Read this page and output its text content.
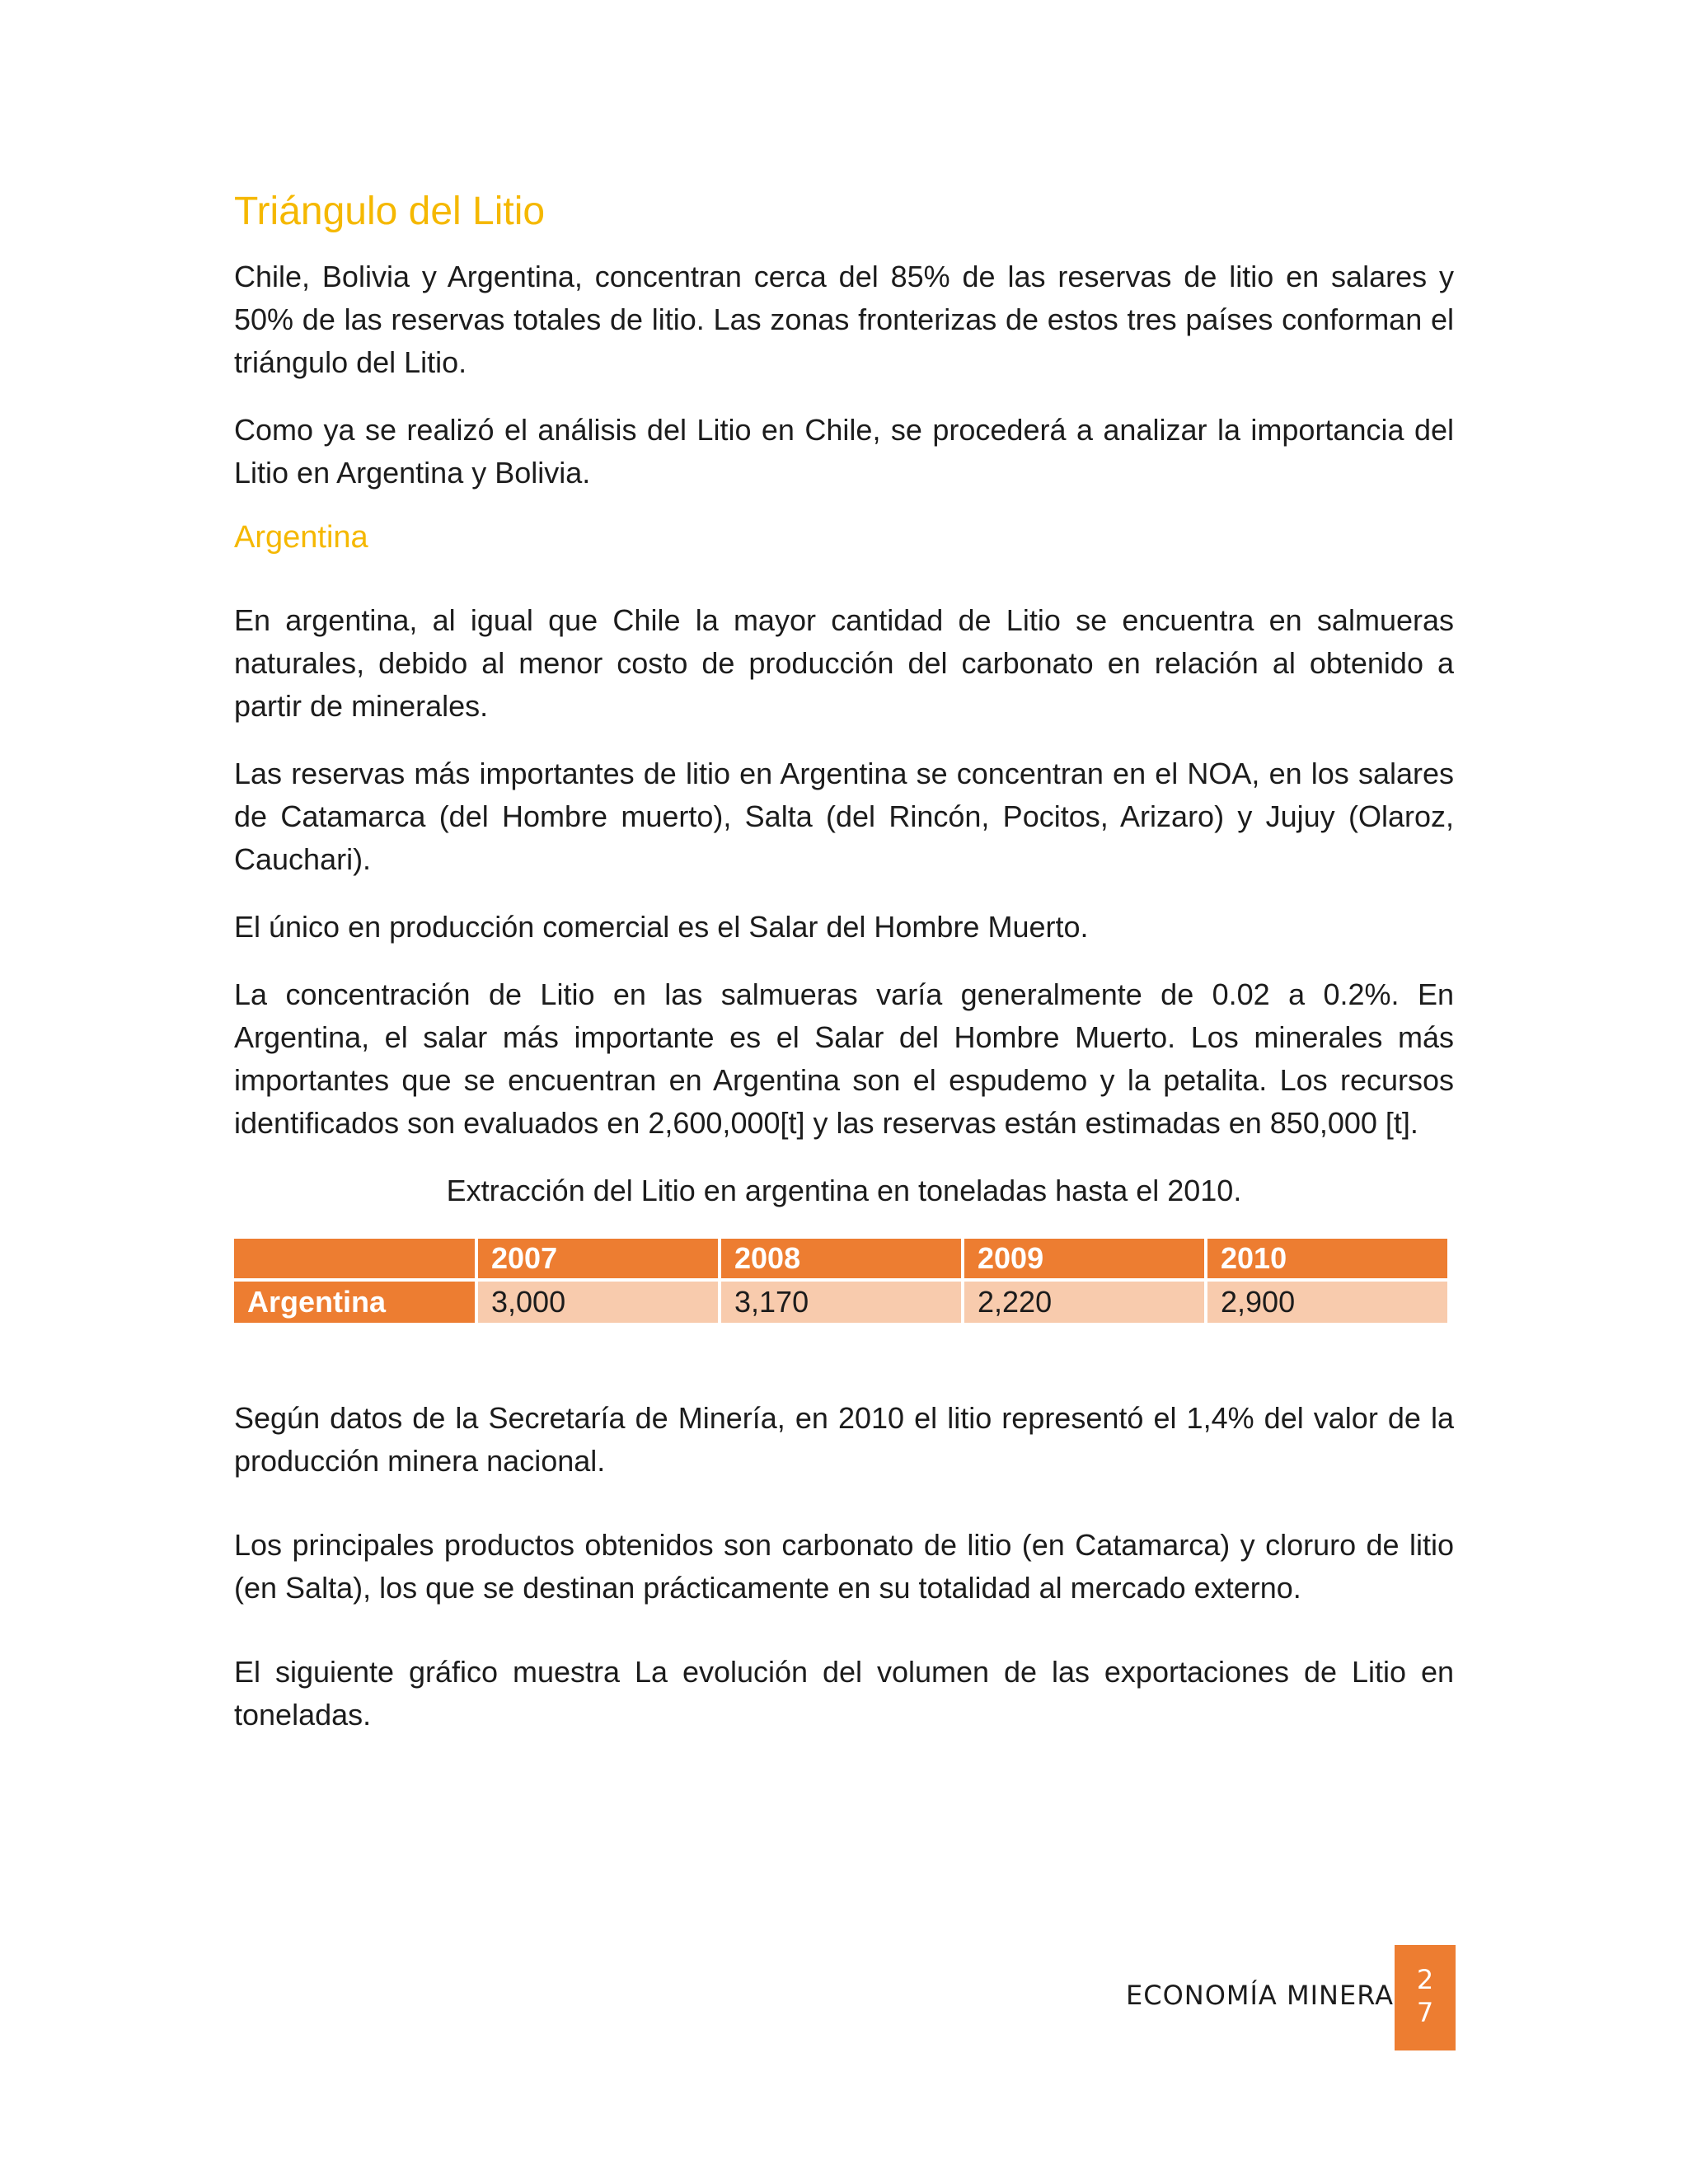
Triángulo del Litio

Chile, Bolivia y Argentina, concentran cerca del 85% de las reservas de litio en salares y 50% de las reservas totales de litio. Las zonas fronterizas de estos tres países conforman el triángulo del Litio.

Como ya se realizó el análisis del Litio en Chile, se procederá a analizar la importancia del Litio en Argentina y Bolivia.

Argentina

En argentina, al igual que Chile la mayor cantidad de Litio se encuentra en salmueras naturales, debido al menor costo de producción del carbonato en relación al obtenido a partir de minerales.

Las reservas más importantes de litio en Argentina se concentran en el NOA, en los salares de Catamarca (del Hombre muerto), Salta (del Rincón, Pocitos, Arizaro) y Jujuy (Olaroz, Cauchari).

El único en producción comercial es el Salar del Hombre Muerto.

La concentración de Litio en las salmueras varía generalmente de 0.02 a 0.2%. En Argentina, el salar más importante es el Salar del Hombre Muerto. Los minerales más importantes que se encuentran en Argentina son el espudemo y la petalita. Los recursos identificados son evaluados en 2,600,000[t] y las reservas están estimadas en 850,000 [t].

Extracción del Litio en argentina en toneladas hasta el 2010.
	2007	2008	2009	2010
Argentina	3,000	3,170	2,220	2,900

Según datos de la Secretaría de Minería, en 2010 el litio representó el 1,4% del valor de la producción minera nacional.

Los principales productos obtenidos son carbonato de litio (en Catamarca) y cloruro de litio (en Salta), los que se destinan prácticamente en su totalidad al mercado externo.

El siguiente gráfico muestra La evolución del volumen de las exportaciones de Litio en toneladas.

ECONOMÍA MINERA 2
7
